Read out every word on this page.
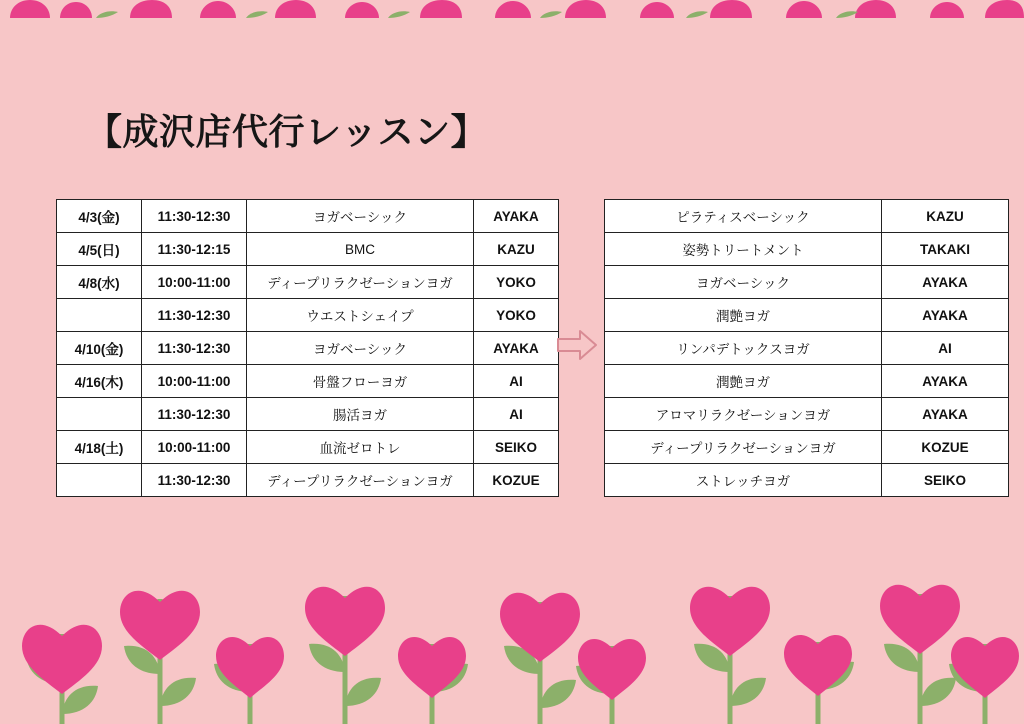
【成沢店代行レッスン】
4/3(金)	11:30-12:30	ヨガベーシック	AYAKA
4/5(日)	11:30-12:15	BMC	KAZU
4/8(水)	10:00-11:00	ディープリラクゼーションヨガ	YOKO
	11:30-12:30	ウエストシェイプ	YOKO
4/10(金)	11:30-12:30	ヨガベーシック	AYAKA
4/16(木)	10:00-11:00	骨盤フローヨガ	AI
	11:30-12:30	腸活ヨガ	AI
4/18(土)	10:00-11:00	血流ゼロトレ	SEIKO
	11:30-12:30	ディープリラクゼーションヨガ	KOZUE
ピラティスベーシック	KAZU
姿勢トリートメント	TAKAKI
ヨガベーシック	AYAKA
潤艶ヨガ	AYAKA
リンパデトックスヨガ	AI
潤艶ヨガ	AYAKA
アロマリラクゼーションヨガ	AYAKA
ディープリラクゼーションヨガ	KOZUE
ストレッチヨガ	SEIKO
